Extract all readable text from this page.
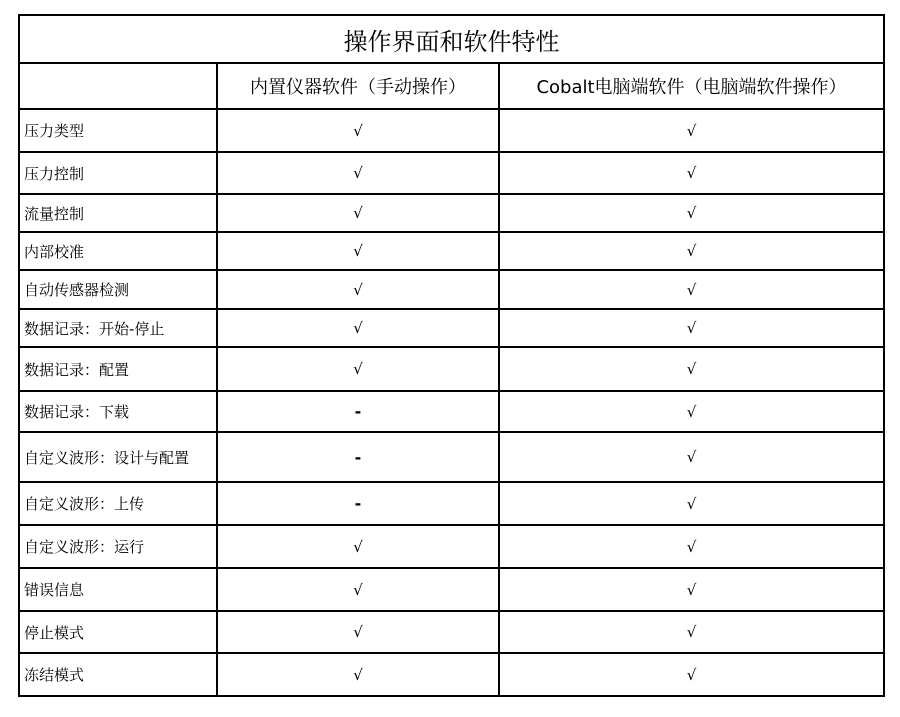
操作界面和软件特性		
	内置仪器软件（手动操作）	Cobalt电脑端软件（电脑端软件操作）
压力类型	√	√
压力控制	√	√
流量控制	√	√
内部校准	√	√
自动传感器检测	√	√
数据记录：开始-停止	√	√
数据记录：配置	√	√
数据记录：下载	-	√
自定义波形：设计与配置	-	√
自定义波形：上传	-	√
自定义波形：运行	√	√
错误信息	√	√
停止模式	√	√
冻结模式	√	√
